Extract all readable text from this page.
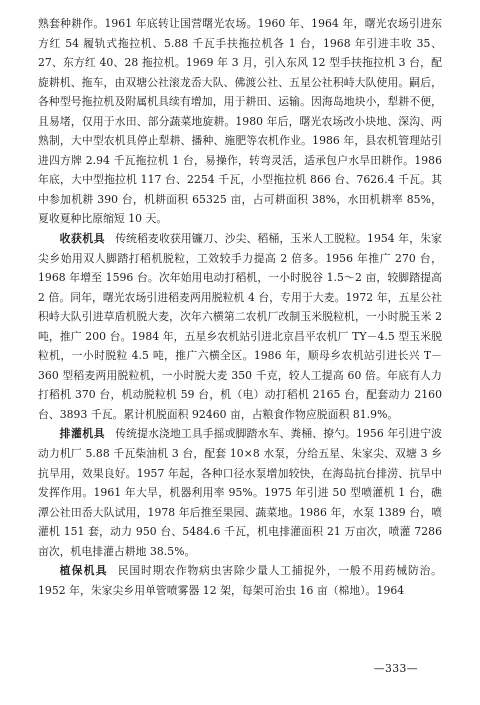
熟套种耕作。1961 年底转让国营曙光农场。1960 年、1964 年，曙光农场引进东方红 54 履轨式拖拉机、5.88 千瓦手扶拖拉机各 1 台，1968 年引进丰收 35、27、东方红 40、28 拖拉机。1969 年 3 月，引入东风 12 型手扶拖拉机 3 台，配旋耕机、拖车，由双塘公社滚龙岙大队、佛渡公社、五星公社积峙大队使用。嗣后，各种型号拖拉机及附属机具续有增加，用于耕田、运输。因海岛地块小，犁耕不便，且易堵，仅用于水田、部分蔬菜地旋耕。1980 年后，曙光农场改小块地、深沟、两熟制，大中型农机具停止犁耕、播种、施肥等农机作业。1986 年，县农机管理站引进四方牌 2.94 千瓦拖拉机 1 台，易操作，转弯灵活，适承包户水旱田耕作。1986 年底，大中型拖拉机 117 台、2254 千瓦，小型拖拉机 866 台、7626.4 千瓦。其中参加机耕 390 台，机耕面积 65325 亩，占可耕面积 38%，水田机耕率 85%，夏收夏种比原缩短 10 天。

收获机具 传统稻麦收获用镰刀、沙尖、稻桶，玉米人工脱粒。1954 年，朱家尖乡始用双人脚踏打稻机脱粒，工效较手力提高 2 倍多。1956 年推广 270 台，1968 年增至 1596 台。次年始用电动打稻机，一小时脱谷 1.5～2 亩，较脚踏提高 2 倍。同年，曙光农场引进稻麦两用脱粒机 4 台，专用于大麦。1972 年，五星公社积峙大队引进草盾机脱大麦，次年六横第二农机厂改制玉米脱粒机，一小时脱玉米 2 吨，推广 200 台。1984 年，五星乡农机站引进北京昌平农机厂 TY－4.5 型玉米脱粒机，一小时脱粒 4.5 吨，推广六横全区。1986 年，顺母乡农机站引进长兴 T－360 型稻麦两用脱粒机，一小时脱大麦 350 千克，较人工提高 60 倍。年底有人力打稻机 370 台，机动脱粒机 59 台，机（电）动打稻机 2165 台，配套动力 2160 台、3893 千瓦。累计机脱面积 92460 亩，占粮食作物应脱面积 81.9%。

排灌机具 传统提水浇地工具手摇或脚踏水车、粪桶、撩勺。1956 年引进宁波动力机厂 5.88 千瓦柴油机 3 台，配套 10×8 水泵，分给五星、朱家尖、双塘 3 乡抗旱用，效果良好。1957 年起，各种口径水泵增加较快，在海岛抗台排涝、抗旱中发挥作用。1961 年大旱，机器利用率 95%。1975 年引进 50 型喷灌机 1 台，礁潭公社田岙大队试用，1978 年后推至果园、蔬菜地。1986 年，水泵 1389 台，喷灌机 151 套，动力 950 台、5484.6 千瓦，机电排灌面积 21 万亩次，喷灌 7286 亩次，机电排灌占耕地 38.5%。

植保机具 民国时期农作物病虫害除少量人工捕捉外，一般不用药械防治。1952 年，朱家尖乡用单管喷雾器 12 架，每架可治虫 16 亩（棉地）。1964

—333—
